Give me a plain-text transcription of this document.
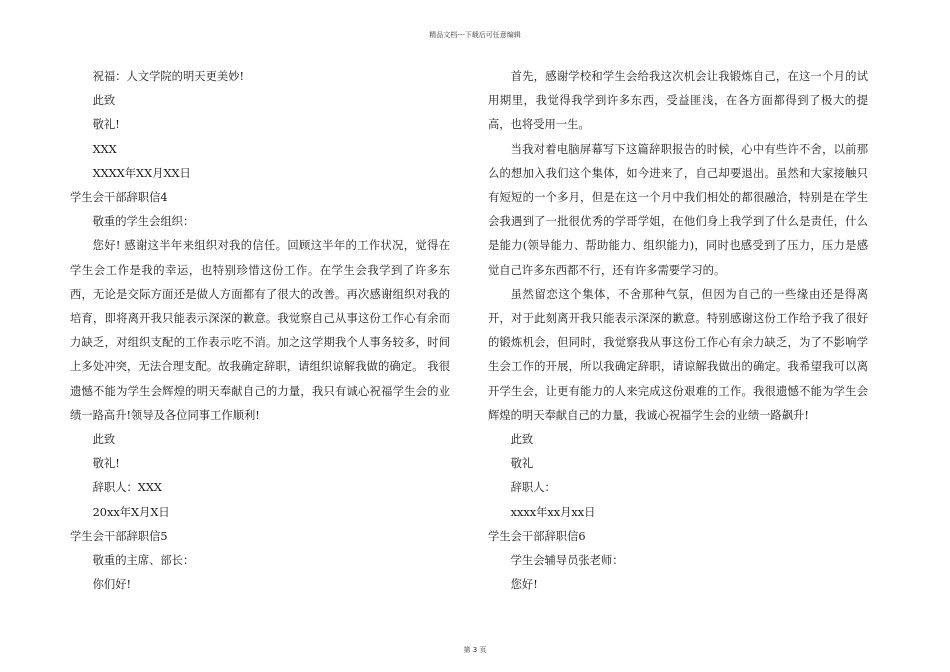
精品文档---下载后可任意编辑

祝福：人文学院的明天更美妙!

此致

敬礼!

XXX

XXXX年XX月XX日

学生会干部辞职信4

敬重的学生会组织：

您好! 感谢这半年来组织对我的信任。回顾这半年的工作状况，觉得在学生会工作是我的幸运，也特别珍惜这份工作。在学生会我学到了许多东西，无论是交际方面还是做人方面都有了很大的改善。再次感谢组织对我的培育，即将离开我只能表示深深的歉意。我觉察自己从事这份工作心有余而力缺乏，对组织支配的工作表示吃不消。加之这学期我个人事务较多，时间上多处冲突，无法合理支配。故我确定辞职，请组织谅解我做的确定。 我很遗憾不能为学生会辉煌的明天奉献自己的力量，我只有诚心祝福学生会的业绩一路高升!领导及各位同事工作顺利!

此致

敬礼!

辞职人：XXX

20xx年X月X日

学生会干部辞职信5

敬重的主席、部长：

你们好!

首先，感谢学校和学生会给我这次机会让我锻炼自己，在这一个月的试用期里，我觉得我学到许多东西，受益匪浅，在各方面都得到了极大的提高，也将受用一生。

当我对着电脑屏幕写下这篇辞职报告的时候，心中有些许不舍，以前那么的想加入我们这个集体，如今进来了，自己却要退出。虽然和大家接触只有短短的一个多月，但是在这一个月中我们相处的都很融洽，特别是在学生会我遇到了一批很优秀的学哥学姐，在他们身上我学到了什么是责任，什么是能力(领导能力、帮助能力、组织能力)，同时也感受到了压力，压力是感觉自己许多东西都不行，还有许多需要学习的。

虽然留恋这个集体，不舍那种气氛，但因为自己的一些缘由还是得离开，对于此刻离开我只能表示深深的歉意。特别感谢这份工作给予我了很好的锻炼机会，但同时，我觉察我从事这份工作心有余力缺乏，为了不影响学生会工作的开展，所以我确定辞职，请谅解我做出的确定。我希望我可以离开学生会，让更有能力的人来完成这份艰难的工作。我很遗憾不能为学生会辉煌的明天奉献自己的力量，我诚心祝福学生会的业绩一路飙升!

此致

敬礼

辞职人：

xxxx年xx月xx日

学生会干部辞职信6

学生会辅导员张老师：

您好!

第 3 页
